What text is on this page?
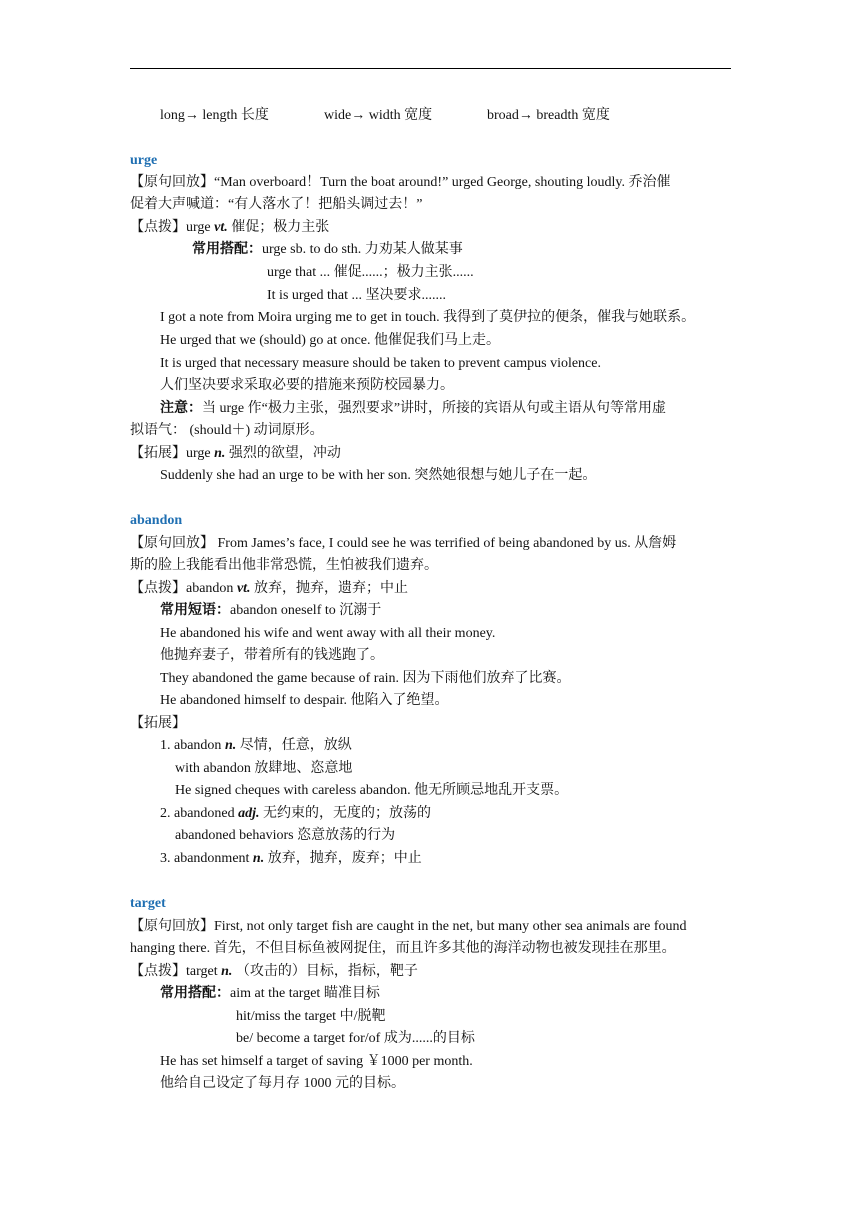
long→ length 长度	wide→ width 宽度	broad→ breadth 宽度
urge
【原句回放】“Man overboard！Turn the boat around!” urged George, shouting loudly. 乔治催
促着大声喊道：“有人落水了！把船头调过去！”
【点拨】urge vt. 催促；极力主张
常用搭配：urge sb. to do sth. 力劝某人做某事
urge that ... 催促......；极力主张......
It is urged that ... 坚决要求.......
I got a note from Moira urging me to get in touch. 我得到了莫伊拉的便条，催我与她联系。
He urged that we (should) go at once. 他催促我们马上走。
It is urged that necessary measure should be taken to prevent campus violence.
人们坚决要求采取必要的措施来预防校园暴力。
注意：当 urge 作“极力主张，强烈要求”讲时，所接的宾语从句或主语从句等常用虚
拟语气： (should＋) 动词原形。
【拓展】urge n. 强烈的欲望，冲动
Suddenly she had an urge to be with her son. 突然她很想与她儿子在一起。
abandon
【原句回放】 From James’s face, I could see he was terrified of being abandoned by us. 从詹姆
斯的脸上我能看出他非常恐慌，生怕被我们遗弃。
【点拨】abandon vt. 放弃，抛弃，遗弃；中止
常用短语：abandon oneself to 沉溺于
He abandoned his wife and went away with all their money.
他抛弃妻子，带着所有的钱逃跑了。
They abandoned the game because of rain. 因为下雨他们放弃了比赛。
He abandoned himself to despair. 他陷入了绝望。
【拓展】
1. abandon n. 尽情，任意，放纵
with abandon 放肆地、恣意地
He signed cheques with careless abandon. 他无所顾忌地乱开支票。
2. abandoned adj. 无约束的，无度的；放荡的
abandoned behaviors 恣意放荡的行为
3. abandonment n. 放弃，抛弃，废弃；中止
target
【原句回放】First, not only target fish are caught in the net, but many other sea animals are found
hanging there. 首先，不但目标鱼被网捉住，而且许多其他的海洋动物也被发现挂在那里。
【点拨】target n. （攻击的）目标，指标，靶子
常用搭配：aim at the target 瞄准目标
hit/miss the target 中/脱靶
be/ become a target for/of 成为......的目标
He has set himself a target of saving ￥1000 per month.
他给自己设定了每月存 1000 元的目标。
